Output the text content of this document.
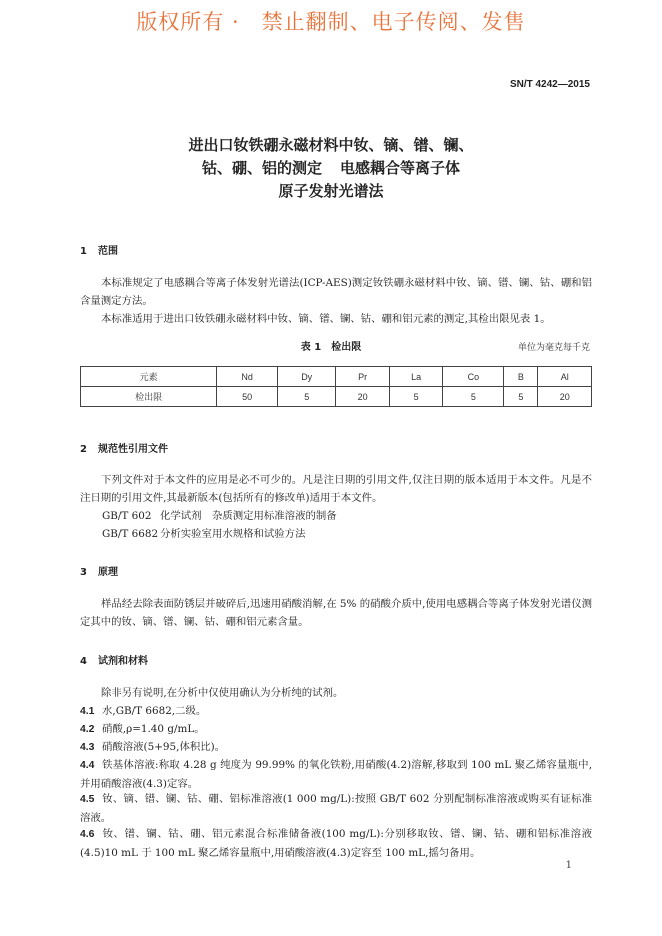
版权所有 · 禁止翻制、电子传阅、发售
SN/T 4242—2015
进出口钕铁硼永磁材料中钕、镝、镨、镧、
钴、硼、铝的测定 电感耦合等离子体
原子发射光谱法
1 范围
本标准规定了电感耦合等离子体发射光谱法(ICP-AES)测定钕铁硼永磁材料中钕、镝、镨、镧、钴、硼和铝含量测定方法。
本标准适用于进出口钕铁硼永磁材料中钕、镝、镨、镧、钴、硼和铝元素的测定,其检出限见表 1。
表 1 检出限	单位为毫克每千克
元素	Nd	Dy	Pr	La	Co	B	Al
检出限	50	5	20	5	5	5	20
2 规范性引用文件
下列文件对于本文件的应用是必不可少的。凡是注日期的引用文件,仅注日期的版本适用于本文件。凡是不注日期的引用文件,其最新版本(包括所有的修改单)适用于本文件。
GB/T 602 化学试剂　杂质测定用标准溶液的制备
GB/T 6682 分析实验室用水规格和试验方法
3 原理
样品经去除表面防锈层并破碎后,迅速用硝酸消解,在 5% 的硝酸介质中,使用电感耦合等离子体发射光谱仪测定其中的钕、镝、镨、镧、钴、硼和铝元素含量。
4 试剂和材料
除非另有说明,在分析中仅使用确认为分析纯的试剂。
4.1 水,GB/T 6682,二级。
4.2 硝酸,ρ=1.40 g/mL。
4.3 硝酸溶液(5+95,体积比)。
4.4 铁基体溶液:称取 4.28 g 纯度为 99.99% 的氧化铁粉,用硝酸(4.2)溶解,移取到 100 mL 聚乙烯容量瓶中,并用硝酸溶液(4.3)定容。
4.5 钕、镝、镨、镧、钴、硼、铝标准溶液(1 000 mg/L):按照 GB/T 602 分别配制标准溶液或购买有证标准溶液。
4.6 钕、镨、镧、钴、硼、铝元素混合标准储备液(100 mg/L):分别移取钕、镨、镧、钴、硼和铝标准溶液(4.5)10 mL 于 100 mL 聚乙烯容量瓶中,用硝酸溶液(4.3)定容至 100 mL,摇匀备用。
1
